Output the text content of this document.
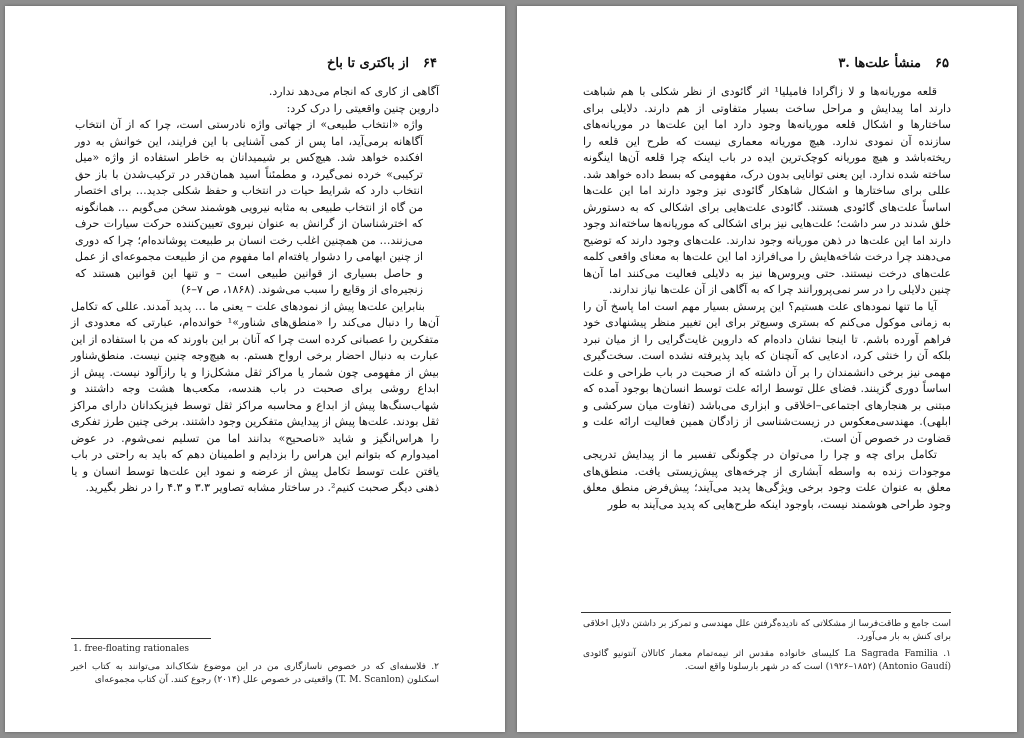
از باکتری تا باخ ۶۴

آگاهی از کاری که انجام می‌دهد ندارد.

داروین چنین واقعیتی را درک کرد:

واژه «انتخاب طبیعی» از جهاتی واژه نادرستی است، چرا که از آن انتخاب آگاهانه برمی‌آید، اما پس از کمی آشنایی با این فرایند، این خوانش به دور افکنده خواهد شد. هیچ‌کس بر شیمیدانان به خاطر استفاده از واژه «میل ترکیبی» خرده نمی‌گیرد، و مطمئناً اسید همان‌قدر در ترکیب‌شدن با باز حق انتخاب دارد که شرایط حیات در انتخاب و حفظ شکلی جدید… برای اختصار من گاه از انتخاب طبیعی به مثابه نیرویی هوشمند سخن می‌گویم ... همانگونه که اخترشناسان از گرانش به عنوان نیروی تعیین‌کننده حرکت سیارات حرف می‌زنند… من همچنین اغلب رخت انسان بر طبیعت پوشانده‌ام؛ چرا که دوری از چنین ابهامی را دشوار یافته‌ام اما مفهوم من از طبیعت مجموعه‌ای از عمل و حاصل بسیاری از قوانین طبیعی است – و تنها این قوانین هستند که زنجیره‌ای از وقایع را سبب می‌شوند. (۱۸۶۸، ص ۷–۶)

بنابراین علت‌ها پیش از نمودهای علت – یعنی ما … پدید آمدند. عللی که تکامل آن‌ها را دنبال می‌کند را «منطق‌های شناور»¹ خوانده‌ام، عبارتی که معدودی از متفکرین را عصبانی کرده است چرا که آنان بر این باورند که من با استفاده از این عبارت به دنبال احضار برخی ارواح هستم. به هیچ‌وجه چنین نیست. منطق‌شناور بیش از مفهومی چون شمار یا مراکز ثقل مشکل‌زا و یا رازآلود نیست. پیش از ابداع روشی برای صحبت در باب هندسه، مکعب‌ها هشت وجه داشتند و شهاب‌سنگ‌ها پیش از ابداع و محاسبه مراکز ثقل توسط فیزیکدانان دارای مراکز ثقل بودند. علت‌ها پیش از پیدایش متفکرین وجود داشتند. برخی چنین طرز تفکری را هراس‌انگیز و شاید «ناصحیح» بدانند اما من تسلیم نمی‌شوم. در عوض امیدوارم که بتوانم این هراس را بزدایم و اطمینان دهم که باید به راحتی در باب یافتن علت توسط تکامل پیش از عرضه و نمود این علت‌ها توسط انسان و یا ذهنی دیگر صحبت کنیم². در ساختار مشابه تصاویر ۳.۳ و ۴.۳ را در نظر بگیرید.

1. free-floating rationales
۲. فلاسفه‌ای که در خصوص ناسازگاری من در این موضوع شکاک‌اند می‌توانند به کتاب اخیر اسکنلون (T. M. Scanlon) واقعیتی در خصوص علل (۲۰۱۴) رجوع کنند. آن کتاب مجموعه‌ای
۳. منشأ علت‌ها ۶۵

قلعه موریانه‌ها و لا زاگرادا فامیلیا¹ اثر گائودی از نظر شکلی با هم شباهت دارند اما پیدایش و مراحل ساخت بسیار متفاوتی از هم دارند. دلایلی برای ساختارها و اشکال قلعه موریانه‌ها وجود دارد اما این علت‌ها در موریانه‌های سازنده آن نمودی ندارد. هیچ موریانه معماری نیست که طرح این قلعه را ریخته‌باشد و هیچ موریانه کوچک‌ترین ایده در باب اینکه چرا قلعه آن‌ها اینگونه ساخته شده ندارد. این یعنی توانایی بدون درک، مفهومی که بسط داده خواهد شد. عللی برای ساختارها و اشکال شاهکار گائودی نیز وجود دارند اما این علت‌ها اساساً علت‌های گائودی هستند. گائودی علت‌هایی برای اشکالی که به دستورش خلق شدند در سر داشت؛ علت‌هایی نیز برای اشکالی که موریانه‌ها ساخته‌اند وجود دارند اما این علت‌ها در ذهن موریانه وجود ندارند. علت‌های وجود دارند که توضیح می‌دهند چرا درخت شاخه‌هایش را می‌افرازد اما این علت‌ها به معنای واقعی کلمه علت‌های درخت نیستند. حتی ویروس‌ها نیز به دلایلی فعالیت می‌کنند اما آن‌ها چنین دلایلی را در سر نمی‌پرورانند چرا که به آگاهی از آن علت‌ها نیاز ندارند.

آیا ما تنها نمودهای علت هستیم؟ این پرسش بسیار مهم است اما پاسخ آن را به زمانی موکول می‌کنم که بستری وسیع‌تر برای این تغییر منظر پیشنهادی خود فراهم آورده باشم. تا اینجا نشان داده‌ام که داروین غایت‌گرایی را از میان نبرد بلکه آن را خنثی کرد، ادعایی که آنچنان که باید پذیرفته نشده است. سخت‌گیری مهمی نیز برخی دانشمندان را بر آن داشته که از صحبت در باب طراحی و علت اساساً دوری گزینند. فضای علل توسط ارائه علت توسط انسان‌ها بوجود آمده که مبتنی بر هنجارهای اجتماعی–اخلاقی و ابزاری می‌باشد (تفاوت میان سرکشی و ابلهی). مهندسی‌معکوس در زیست‌شناسی از زادگان همین فعالیت ارائه علت و قضاوت در خصوص آن است.

تکامل برای چه و چرا را می‌توان در چگونگی تفسیر ما از پیدایش تدریجی موجودات زنده به واسطه آبشاری از چرخه‌های پیش‌زیستی یافت. منطق‌های معلق به عنوان علت وجود برخی ویژگی‌ها پدید می‌آیند؛ پیش‌فرض منطق معلق وجود طراحی هوشمند نیست، باوجود اینکه طرح‌هایی که پدید می‌آیند به طور

است جامع و طاقت‌فرسا از مشکلاتی که نادیده‌گرفتن علل مهندسی و تمرکز بر داشتن دلایل اخلاقی برای کنش به بار می‌آورد.
۱. La Sagrada Familia کلیسای خانواده مقدس اثر نیمه‌تمام معمار کاتالان آنتونیو گائودی (Antonio Gaudí) (۱۹۲۶–۱۸۵۲) است که در شهر بارسلونا واقع است.
